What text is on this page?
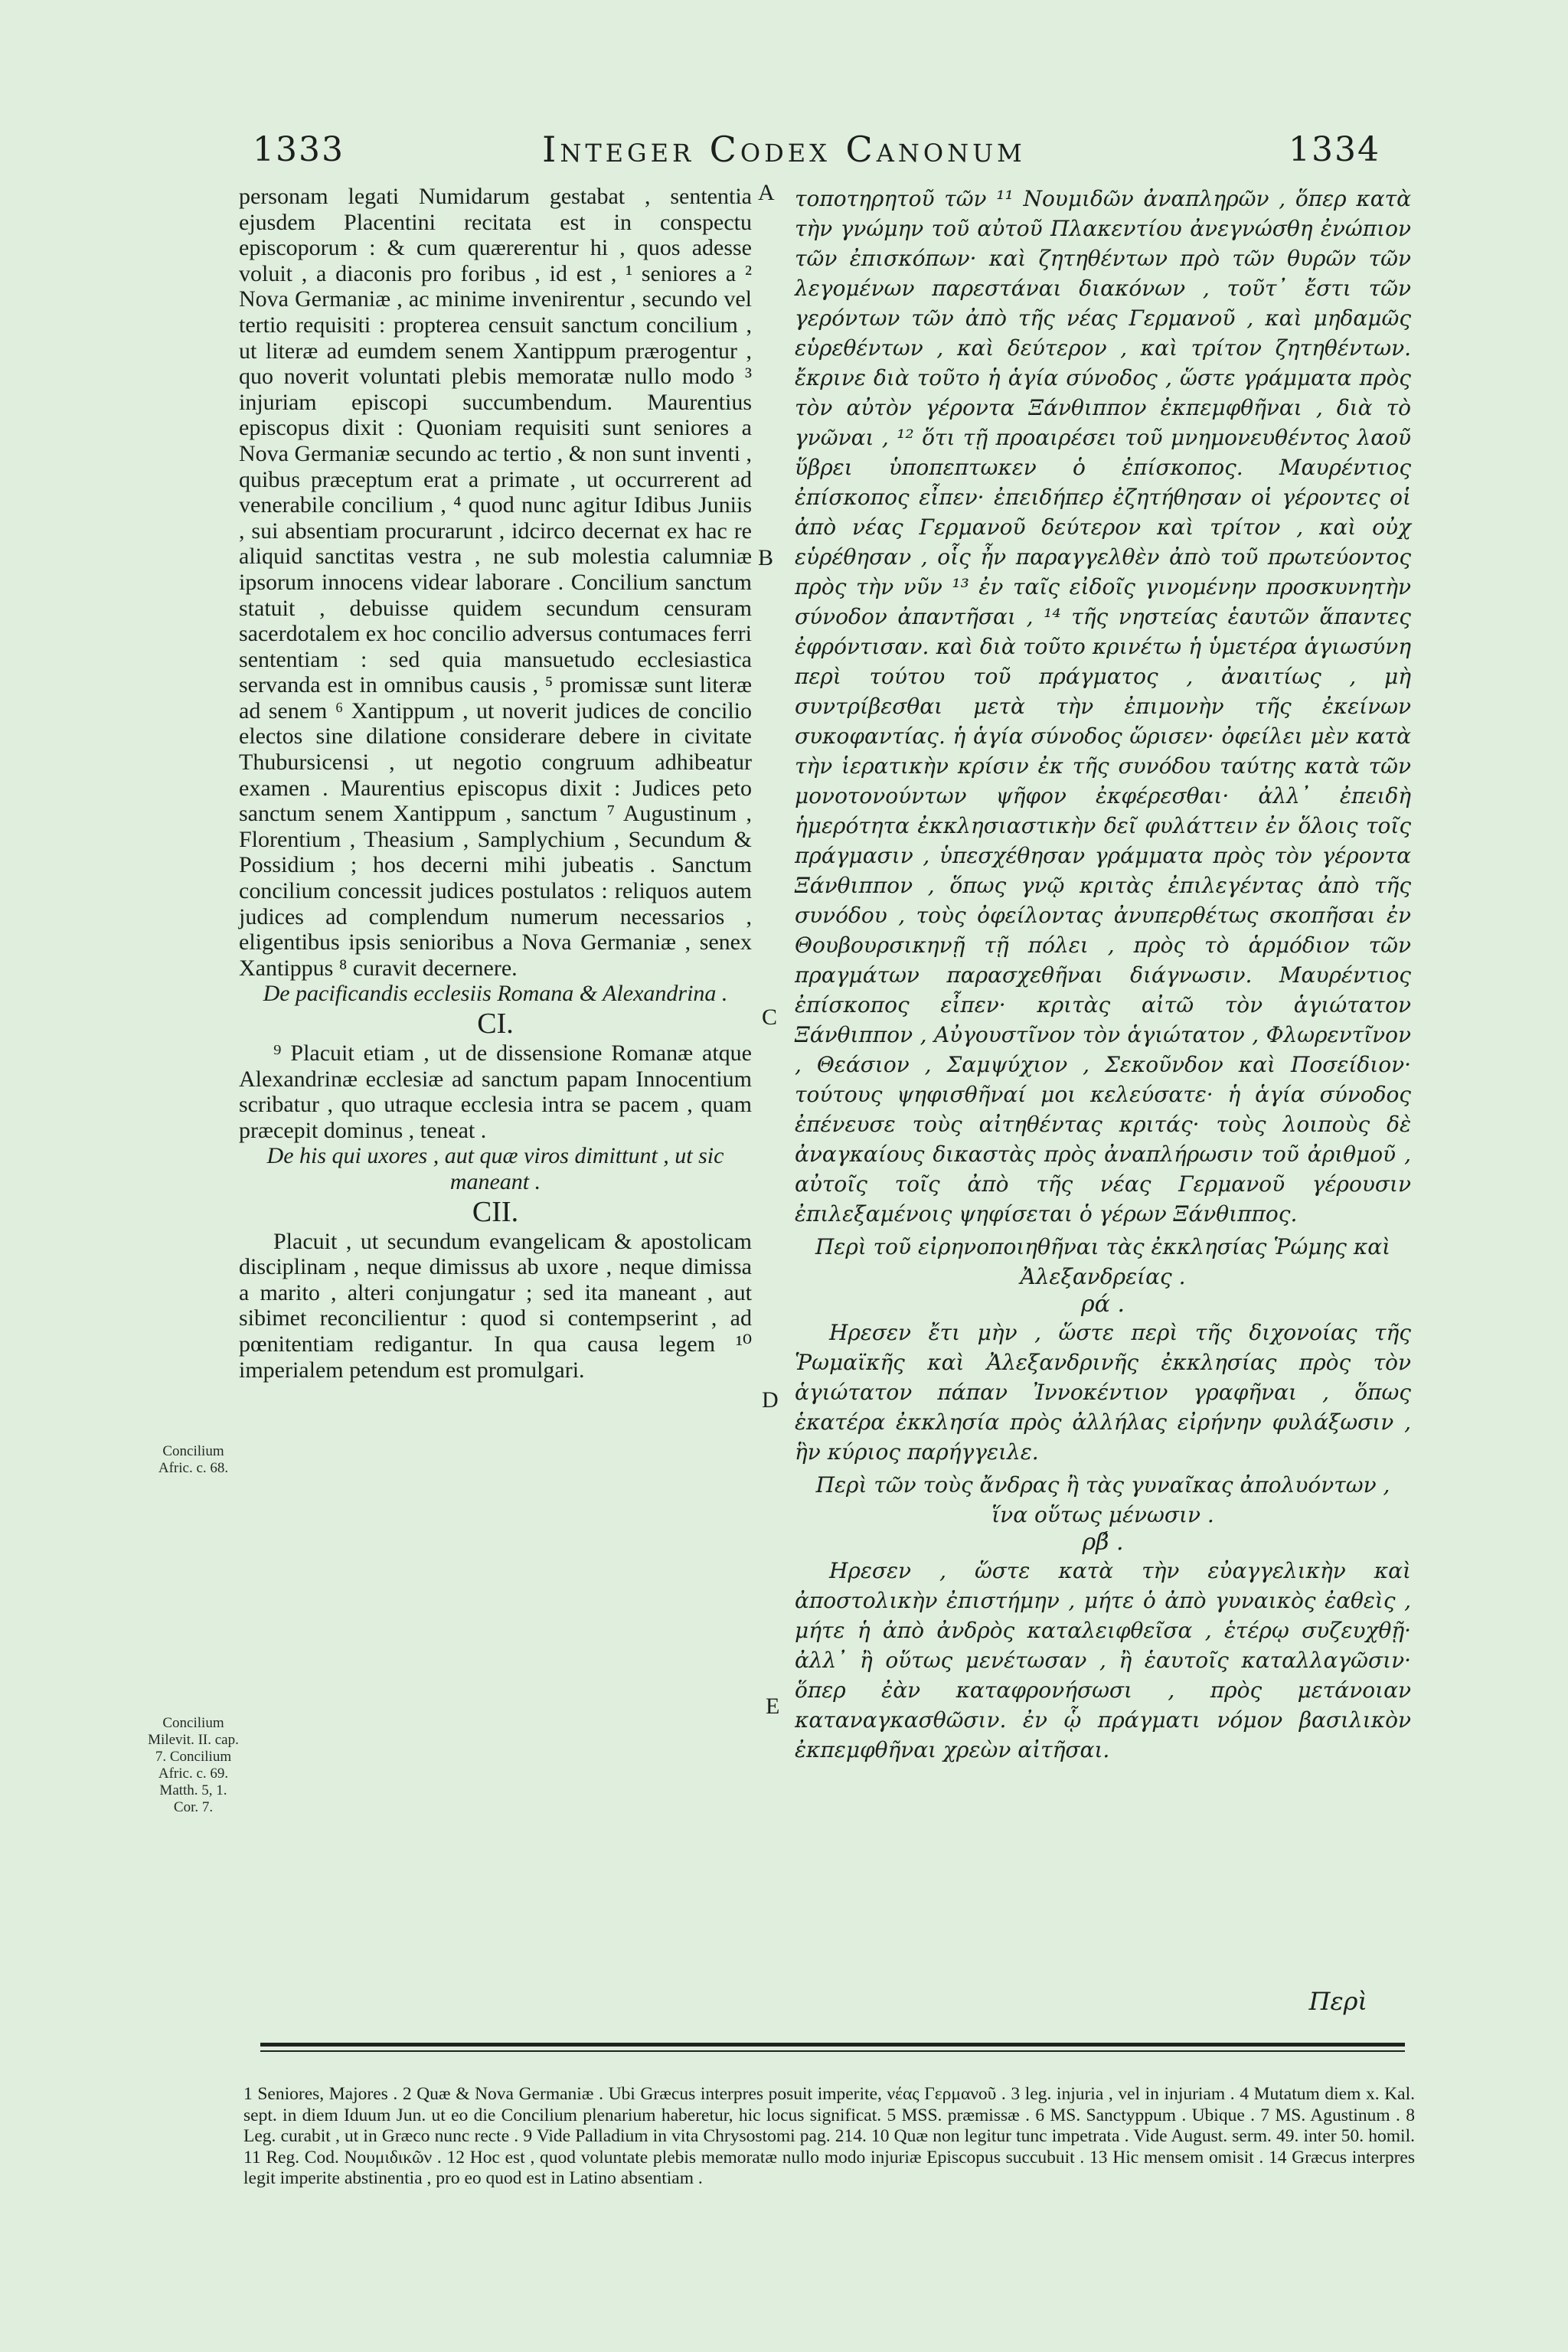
1333	Integer Codex Canonum	1334

personam legati Numidarum gestabat , sententia ejusdem Placentini recitata est in conspectu episcoporum : & cum quærerentur hi , quos adesse voluit , a diaconis pro foribus , id est , ¹ seniores a ² Nova Germaniæ , ac minime invenirentur , secundo vel tertio requisiti : propterea censuit sanctum concilium , ut literæ ad eumdem senem Xantippum prærogentur , quo noverit voluntati plebis memoratæ nullo modo ³ injuriam episcopi succumbendum. Maurentius episcopus dixit : Quoniam requisiti sunt seniores a Nova Germaniæ secundo ac tertio , & non sunt inventi , quibus præceptum erat a primate , ut occurrerent ad venerabile concilium , ⁴ quod nunc agitur Idibus Juniis , sui absentiam procurarunt , idcirco decernat ex hac re aliquid sanctitas vestra , ne sub molestia calumniæ ipsorum innocens videar laborare . Concilium sanctum statuit , debuisse quidem secundum censuram sacerdotalem ex hoc concilio adversus contumaces ferri sententiam : sed quia mansuetudo ecclesiastica servanda est in omnibus causis , ⁵ promissæ sunt literæ ad senem ⁶ Xantippum , ut noverit judices de concilio electos sine dilatione considerare debere in civitate Thubursicensi , ut negotio congruum adhibeatur examen . Maurentius episcopus dixit : Judices peto sanctum senem Xantippum , sanctum ⁷ Augustinum , Florentium , Theasium , Samplychium , Secundum & Possidium ; hos decerni mihi jubeatis . Sanctum concilium concessit judices postulatos : reliquos autem judices ad complendum numerum necessarios , eligentibus ipsis senioribus a Nova Germaniæ , senex Xantippus ⁸ curavit decernere.

De pacificandis ecclesiis Romana & Alexandrina .

CI.

⁹ Placuit etiam , ut de dissensione Romanæ atque Alexandrinæ ecclesiæ ad sanctum papam Innocentium scribatur , quo utraque ecclesia intra se pacem , quam præcepit dominus , teneat .

De his qui uxores , aut quæ viros dimittunt , ut sic maneant .

CII.

Placuit , ut secundum evangelicam & apostolicam disciplinam , neque dimissus ab uxore , neque dimissa a marito , alteri conjungatur ; sed ita maneant , aut sibimet reconcilientur : quod si contempserint , ad pœnitentiam redigantur. In qua causa legem ¹⁰ imperialem petendum est promulgari.

A
B
C
D
E
Concilium Afric. c. 68.
Concilium Milevit. II. cap. 7. Concilium Afric. c. 69. Matth. 5, 1. Cor. 7.

τοποτηρητοῦ τῶν ¹¹ Νουμιδῶν ἀναπληρῶν , ὅπερ κατὰ τὴν γνώμην τοῦ αὐτοῦ Πλακεντίου ἀνεγνώσθη ἐνώπιον τῶν ἐπισκόπων· καὶ ζητηθέντων πρὸ τῶν θυρῶν τῶν λεγομένων παρεστάναι διακόνων , τοῦτ᾽ ἔστι τῶν γερόντων τῶν ἀπὸ τῆς νέας Γερμανοῦ , καὶ μηδαμῶς εὑρεθέντων , καὶ δεύτερον , καὶ τρίτον ζητηθέντων. ἔκρινε διὰ τοῦτο ἡ ἁγία σύνοδος , ὥστε γράμματα πρὸς τὸν αὐτὸν γέροντα Ξάνθιππον ἐκπεμφθῆναι , διὰ τὸ γνῶναι , ¹² ὅτι τῇ προαιρέσει τοῦ μνημονευθέντος λαοῦ ὕβρει ὑποπεπτωκεν ὁ ἐπίσκοπος. Μαυρέντιος ἐπίσκοπος εἶπεν· ἐπειδήπερ ἐζητήθησαν οἱ γέροντες οἱ ἀπὸ νέας Γερμανοῦ δεύτερον καὶ τρίτον , καὶ οὐχ εὑρέθησαν , οἷς ἦν παραγγελθὲν ἀπὸ τοῦ πρωτεύοντος πρὸς τὴν νῦν ¹³ ἐν ταῖς εἰδοῖς γινομένην προσκυνητὴν σύνοδον ἀπαντῆσαι , ¹⁴ τῆς νηστείας ἑαυτῶν ἅπαντες ἐφρόντισαν. καὶ διὰ τοῦτο κρινέτω ἡ ὑμετέρα ἁγιωσύνη περὶ τούτου τοῦ πράγματος , ἀναιτίως , μὴ συντρίβεσθαι μετὰ τὴν ἐπιμονὴν τῆς ἐκείνων συκοφαντίας. ἡ ἁγία σύνοδος ὥρισεν· ὀφείλει μὲν κατὰ τὴν ἱερατικὴν κρίσιν ἐκ τῆς συνόδου ταύτης κατὰ τῶν μονοτονούντων ψῆφον ἐκφέρεσθαι· ἀλλ᾽ ἐπειδὴ ἡμερότητα ἐκκλησιαστικὴν δεῖ φυλάττειν ἐν ὅλοις τοῖς πράγμασιν , ὑπεσχέθησαν γράμματα πρὸς τὸν γέροντα Ξάνθιππον , ὅπως γνῷ κριτὰς ἐπιλεγέντας ἀπὸ τῆς συνόδου , τοὺς ὀφείλοντας ἀνυπερθέτως σκοπῆσαι ἐν Θουβουρσικηνῇ τῇ πόλει , πρὸς τὸ ἁρμόδιον τῶν πραγμάτων παρασχεθῆναι διάγνωσιν. Μαυρέντιος ἐπίσκοπος εἶπεν· κριτὰς αἰτῶ τὸν ἁγιώτατον Ξάνθιππον , Αὐγουστῖνον τὸν ἁγιώτατον , Φλωρεντῖνον , Θεάσιον , Σαμψύχιον , Σεκοῦνδον καὶ Ποσείδιον· τούτους ψηφισθῆναί μοι κελεύσατε· ἡ ἁγία σύνοδος ἐπένευσε τοὺς αἰτηθέντας κριτάς· τοὺς λοιποὺς δὲ ἀναγκαίους δικαστὰς πρὸς ἀναπλήρωσιν τοῦ ἀριθμοῦ , αὐτοῖς τοῖς ἀπὸ τῆς νέας Γερμανοῦ γέρουσιν ἐπιλεξαμένοις ψηφίσεται ὁ γέρων Ξάνθιππος.

Περὶ τοῦ εἰρηνοποιηθῆναι τὰς ἐκκλησίας Ῥώμης καὶ Ἀλεξανδρείας .

ρά .

Ηρεσεν ἔτι μὴν , ὥστε περὶ τῆς διχονοίας τῆς Ῥωμαϊκῆς καὶ Ἀλεξανδρινῆς ἐκκλησίας πρὸς τὸν ἁγιώτατον πάπαν Ἰννοκέντιον γραφῆναι , ὅπως ἑκατέρα ἐκκλησία πρὸς ἀλλήλας εἰρήνην φυλάξωσιν , ἣν κύριος παρήγγειλε.

Περὶ τῶν τοὺς ἄνδρας ἢ τὰς γυναῖκας ἀπολυόντων , ἵνα οὕτως μένωσιν .

ρβ́ .

Ηρεσεν , ὥστε κατὰ τὴν εὐαγγελικὴν καὶ ἀποστολικὴν ἐπιστήμην , μήτε ὁ ἀπὸ γυναικὸς ἐαθεὶς , μήτε ἡ ἀπὸ ἀνδρὸς καταλειφθεῖσα , ἑτέρῳ συζευχθῇ· ἀλλ᾽ ἢ οὕτως μενέτωσαν , ἢ ἑαυτοῖς καταλλαγῶσιν· ὅπερ ἐὰν καταφρονήσωσι , πρὸς μετάνοιαν καταναγκασθῶσιν. ἐν ᾧ πράγματι νόμον βασιλικὸν ἐκπεμφθῆναι χρεὼν αἰτῆσαι.

Περὶ

1 Seniores, Majores . 2 Quæ & Nova Germaniæ . Ubi Græcus interpres posuit imperite, νέας Γερμανοῦ . 3 leg. injuria , vel in injuriam . 4 Mutatum diem x. Kal. sept. in diem Iduum Jun. ut eo die Concilium plenarium haberetur, hic locus significat. 5 MSS. præmissæ . 6 MS. Sanctyppum . Ubique . 7 MS. Agustinum . 8 Leg. curabit , ut in Græco nunc recte . 9 Vide Palladium in vita Chrysostomi pag. 214. 10 Quæ non legitur tunc impetrata . Vide August. serm. 49. inter 50. homil. 11 Reg. Cod. Νουμιδικῶν . 12 Hoc est , quod voluntate plebis memoratæ nullo modo injuriæ Episcopus succubuit . 13 Hic mensem omisit . 14 Græcus interpres legit imperite abstinentia , pro eo quod est in Latino absentiam .
